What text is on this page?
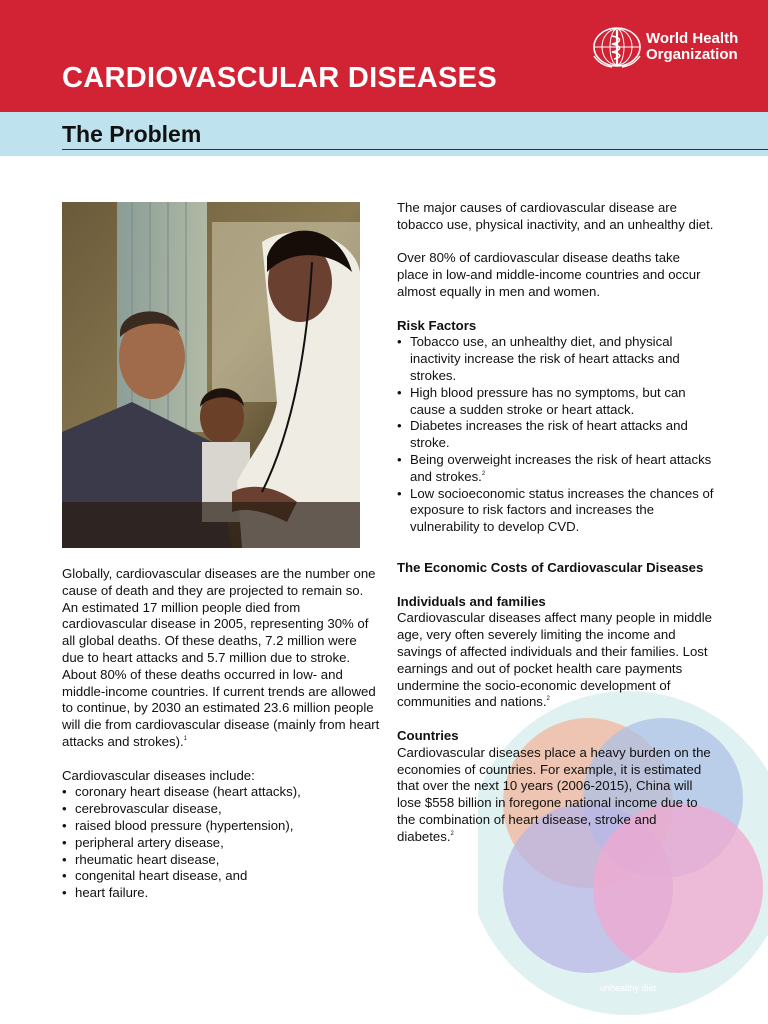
CARDIOVASCULAR DISEASES
World Health
Organization
The Problem
unhealthy diet

Globally, cardiovascular diseases are the number one cause of death and they are projected to remain so. An estimated 17 million people died from cardiovascular disease in 2005, representing 30% of all global deaths. Of these deaths, 7.2 million were due to heart attacks and 5.7 million due to stroke. About 80% of these deaths occurred in low- and middle-income countries. If current trends are allowed to continue, by 2030 an estimated 23.6 million people will die from cardiovascular disease (mainly from heart attacks and strokes).$^1$

Cardiovascular diseases include:

• coronary heart disease (heart attacks),
• cerebrovascular disease,
• raised blood pressure (hypertension),
• peripheral artery disease,
• rheumatic heart disease,
• congenital heart disease, and
• heart failure.

The major causes of cardiovascular disease are tobacco use, physical inactivity, and an unhealthy diet.

Over 80% of cardiovascular disease deaths take place in low-and middle-income countries and occur almost equally in men and women.

Risk Factors
• Tobacco use, an unhealthy diet, and physical inactivity increase the risk of heart attacks and strokes.
• High blood pressure has no symptoms, but can cause a sudden stroke or heart attack.
• Diabetes increases the risk of heart attacks and stroke.
• Being overweight increases the risk of heart attacks and strokes.$^2$
• Low socioeconomic status increases the chances of exposure to risk factors and increases the vulnerability to develop CVD.
The Economic Costs of Cardiovascular Diseases
Individuals and families

Cardiovascular diseases affect many people in middle age, very often severely limiting the income and savings of affected individuals and their families. Lost earnings and out of pocket health care payments undermine the socio-economic development of communities and nations.$^2$

Countries

Cardiovascular diseases place a heavy burden on the economies of countries. For example, it is estimated that over the next 10 years (2006-2015), China will lose $558 billion in foregone national income due to the combination of heart disease, stroke and diabetes.$^2$
